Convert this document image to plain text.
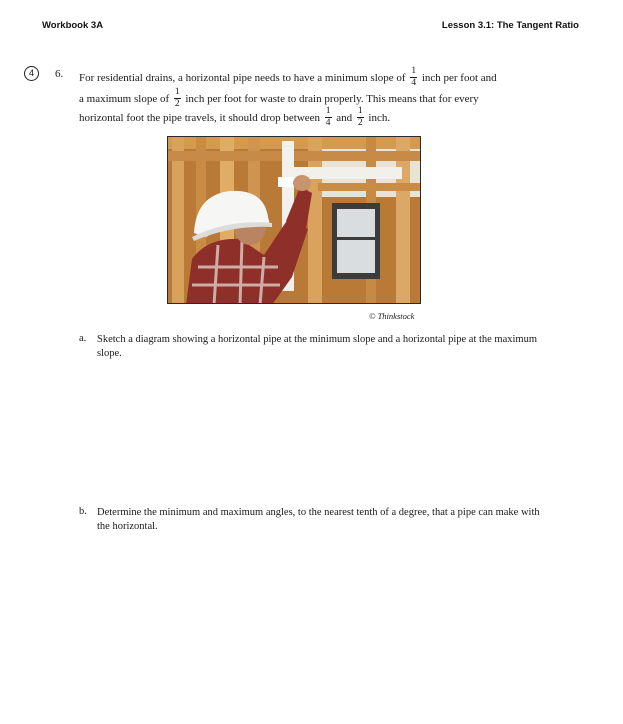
Workbook 3A	Lesson 3.1: The Tangent Ratio
4	6. For residential drains, a horizontal pipe needs to have a minimum slope of $\frac{1}{4}$ inch per foot and
a maximum slope of $\frac{1}{2}$ inch per foot for waste to drain properly. This means that for every
horizontal foot the pipe travels, it should drop between $\frac{1}{4}$ and $\frac{1}{2}$ inch.
© Thinkstock
a. Sketch a diagram showing a horizontal pipe at the minimum slope and a horizontal pipe at the maximum slope.
b. Determine the minimum and maximum angles, to the nearest tenth of a degree, that a pipe can make with the horizontal.
